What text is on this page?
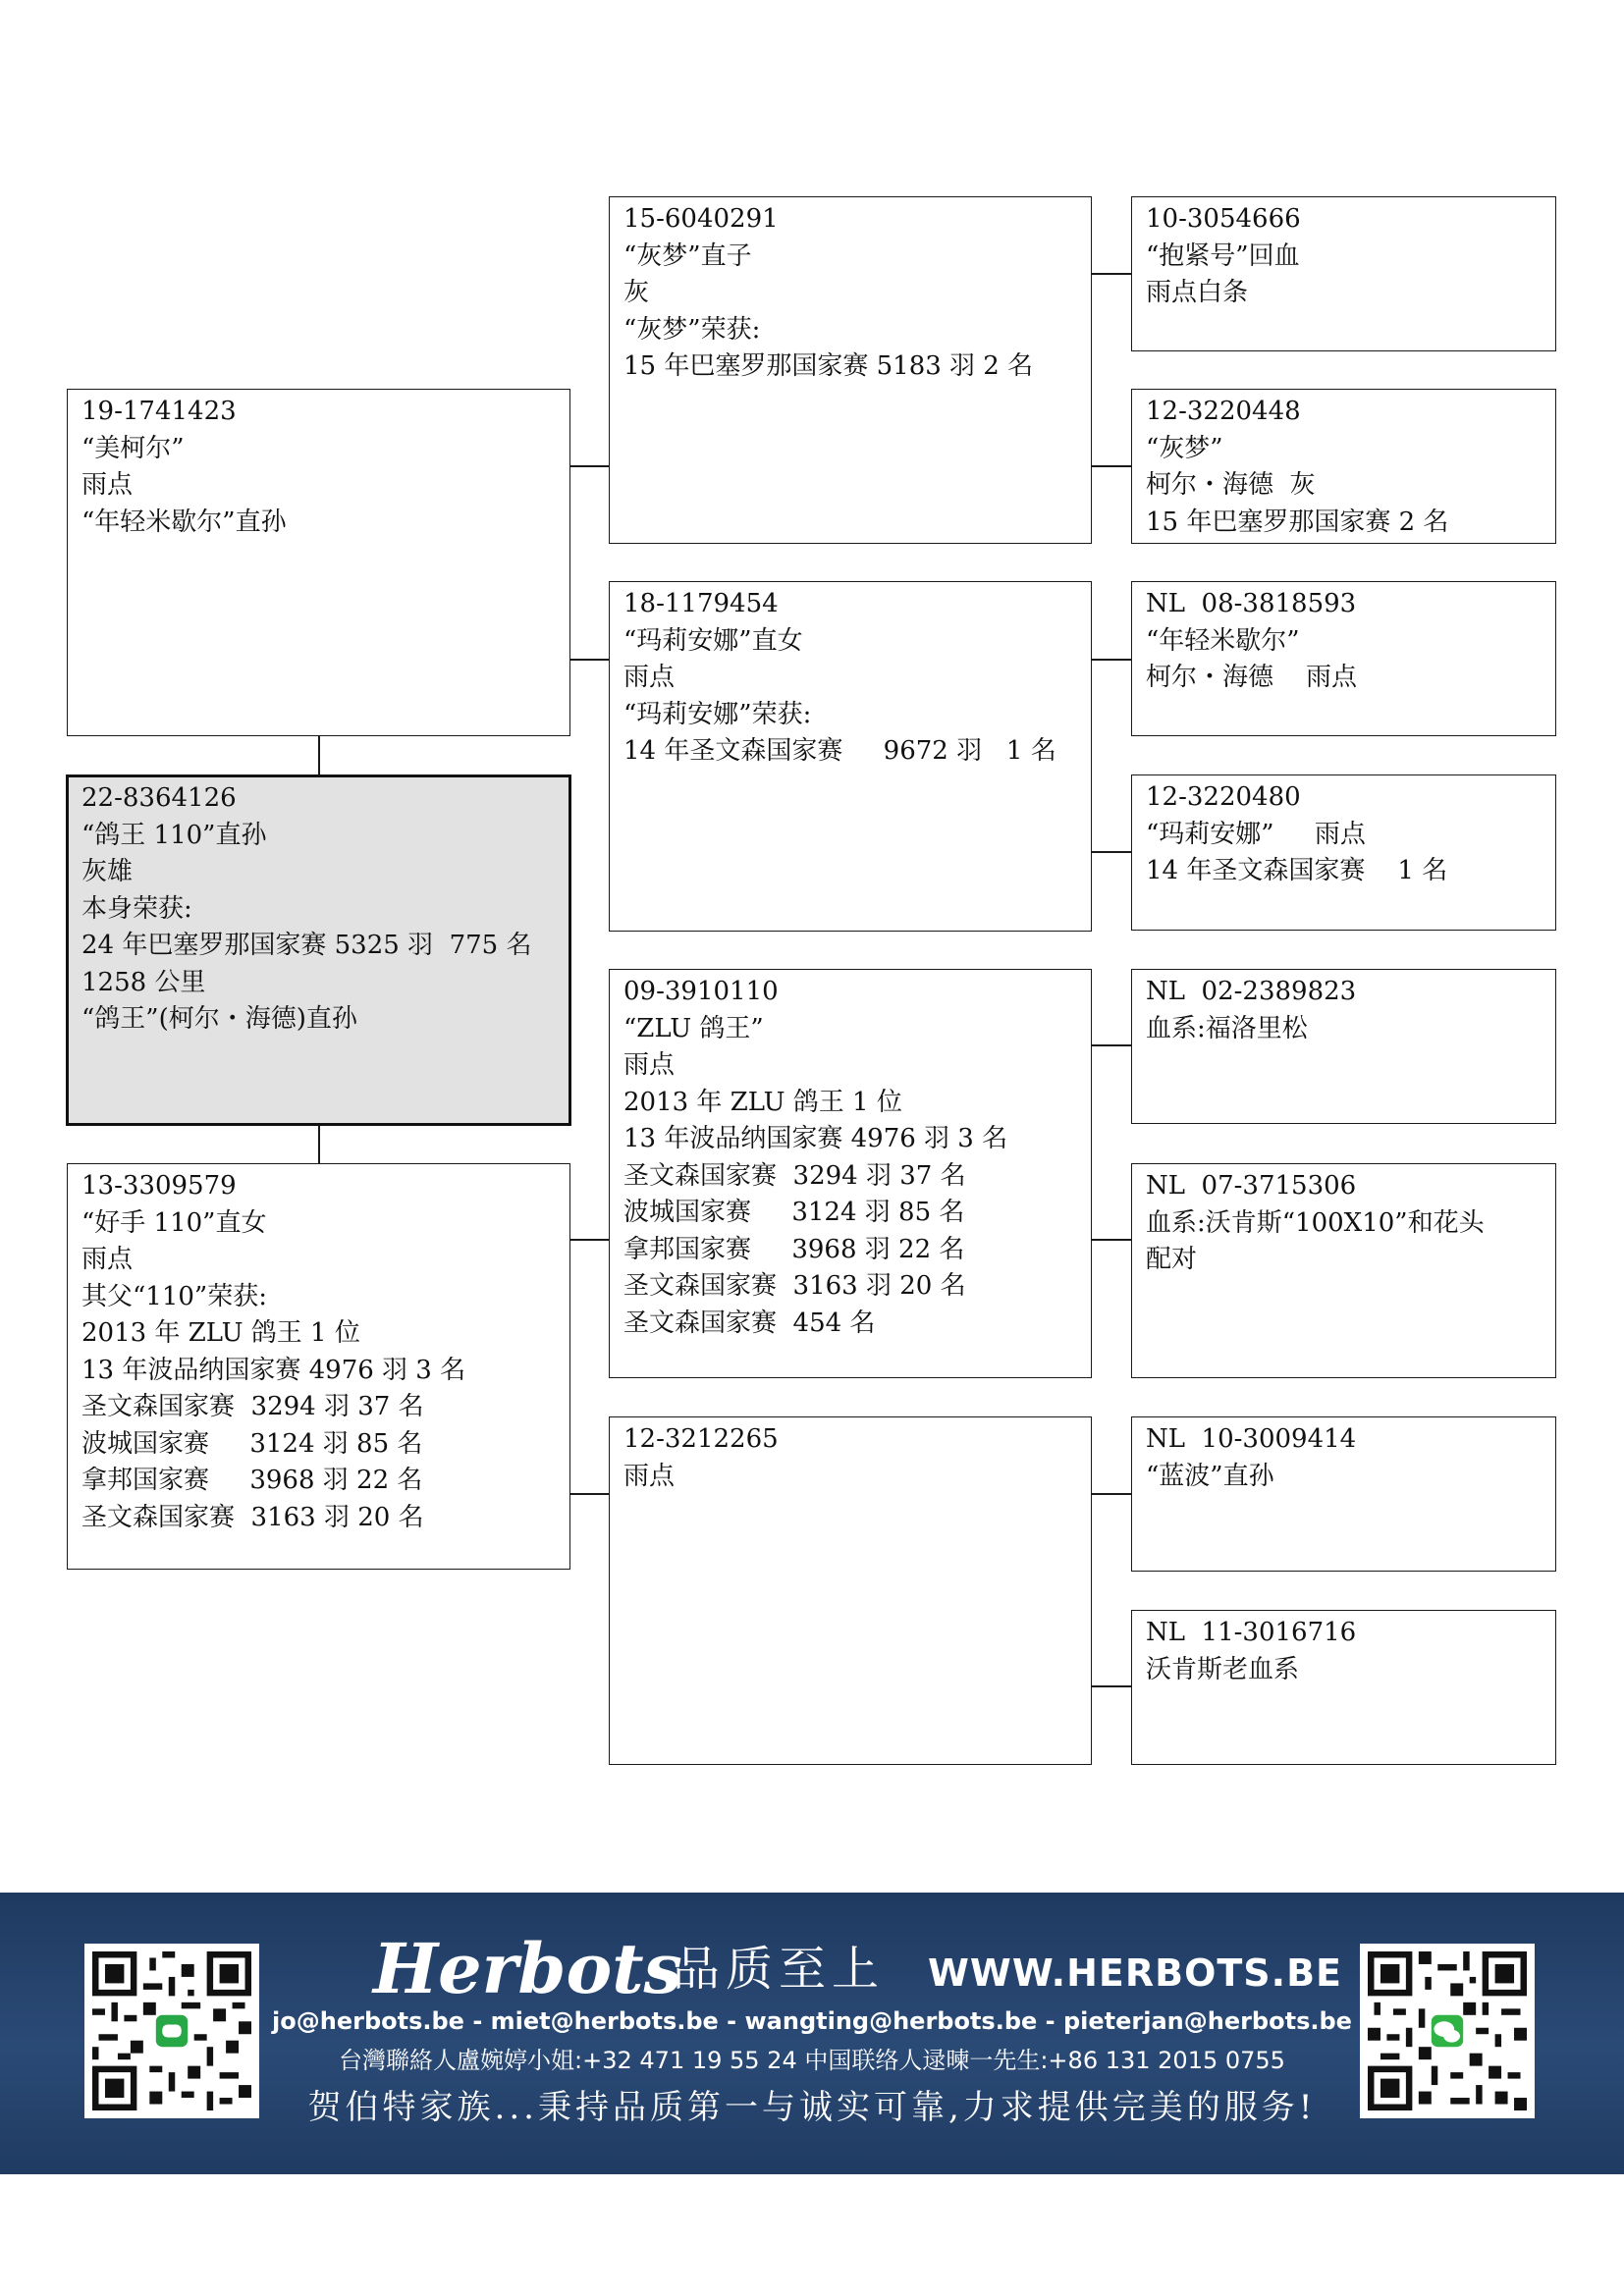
19-1741423
“美柯尔”
雨点
“年轻米歇尔”直孙
22-8364126
“鸽王 110”直孙
灰雄
本身荣获:
24 年巴塞罗那国家赛 5325 羽  775 名
1258 公里
“鸽王”(柯尔・海德)直孙
13-3309579
“好手 110”直女
雨点
其父“110”荣获:
2013 年 ZLU 鸽王 1 位
13 年波品纳国家赛 4976 羽 3 名
圣文森国家赛  3294 羽 37 名
波城国家赛     3124 羽 85 名
拿邦国家赛     3968 羽 22 名
圣文森国家赛  3163 羽 20 名
15-6040291
“灰梦”直子
灰
“灰梦”荣获:
15 年巴塞罗那国家赛 5183 羽 2 名
18-1179454
“玛莉安娜”直女
雨点
“玛莉安娜”荣获:
14 年圣文森国家赛     9672 羽   1 名
09-3910110
“ZLU 鸽王”
雨点
2013 年 ZLU 鸽王 1 位
13 年波品纳国家赛 4976 羽 3 名
圣文森国家赛  3294 羽 37 名
波城国家赛     3124 羽 85 名
拿邦国家赛     3968 羽 22 名
圣文森国家赛  3163 羽 20 名
圣文森国家赛  454 名
12-3212265
雨点
10-3054666
“抱紧号”回血
雨点白条
12-3220448
“灰梦”
柯尔・海德  灰
15 年巴塞罗那国家赛 2 名
NL  08-3818593
“年轻米歇尔”
柯尔・海德    雨点
12-3220480
“玛莉安娜”     雨点
14 年圣文森国家赛    1 名
NL  02-2389823
血系:福洛里松
NL  07-3715306
血系:沃肯斯“100X10”和花头
配对
NL  10-3009414
“蓝波”直孙
NL  11-3016716
沃肯斯老血系
Herbots
品质至上 WWW.HERBOTS.BE
jo@herbots.be - miet@herbots.be - wangting@herbots.be - pieterjan@herbots.be
台灣聯絡人盧婉婷小姐:+32 471 19 55 24 中国联络人逯暕一先生:+86 131 2015 0755
贺伯特家族...秉持品质第一与诚实可靠,力求提供完美的服务!
